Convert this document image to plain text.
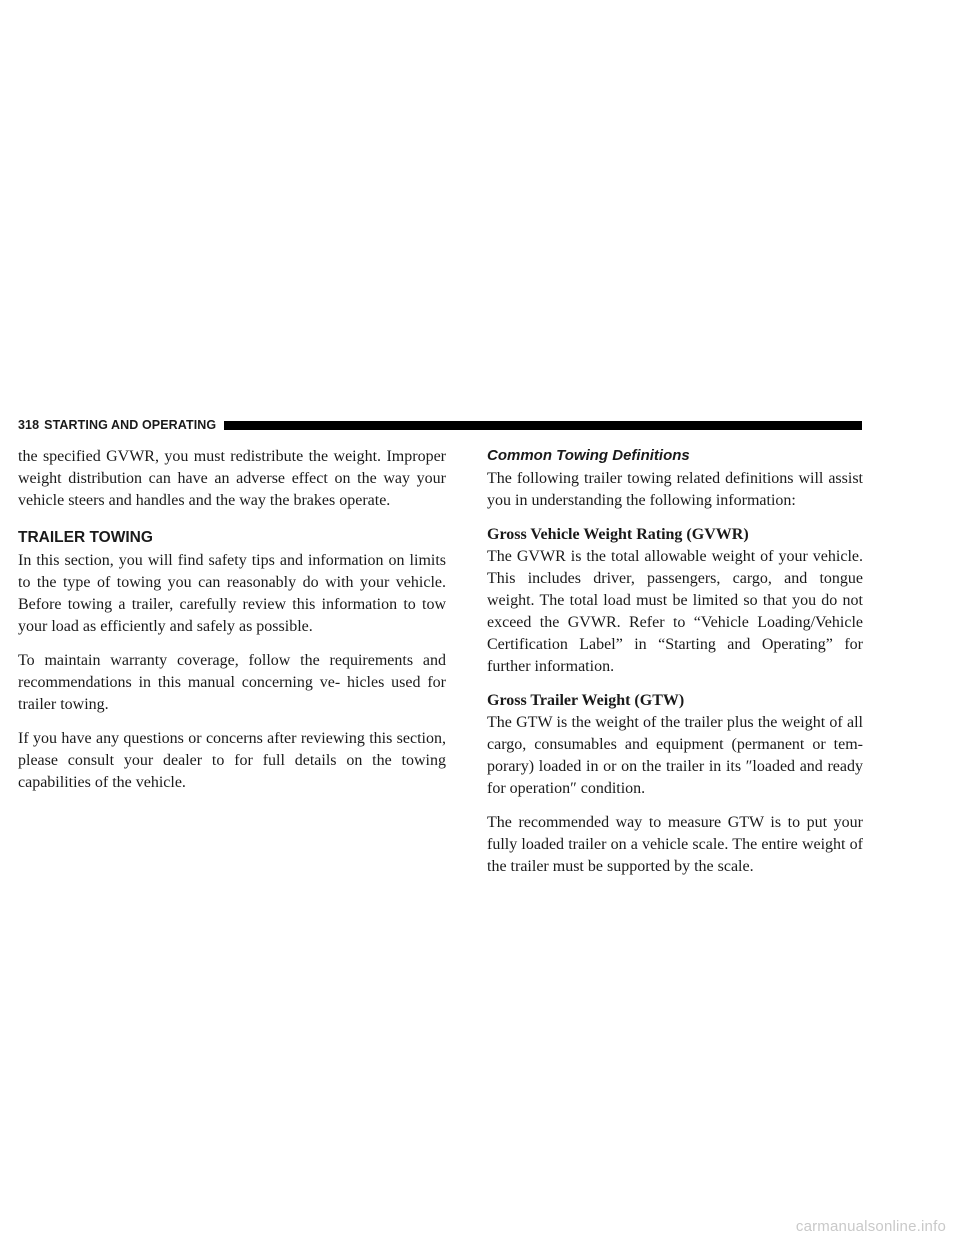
318 STARTING AND OPERATING

the specified GVWR, you must redistribute the weight. Improper weight distribution can have an adverse effect on the way your vehicle steers and handles and the way the brakes operate.

TRAILER TOWING

In this section, you will find safety tips and information on limits to the type of towing you can reasonably do with your vehicle. Before towing a trailer, carefully review this information to tow your load as efficiently and safely as possible.

To maintain warranty coverage, follow the requirements and recommendations in this manual concerning ve- hicles used for trailer towing.

If you have any questions or concerns after reviewing this section, please consult your dealer to for full details on the towing capabilities of the vehicle.

Common Towing Definitions

The following trailer towing related definitions will assist you in understanding the following information:

Gross Vehicle Weight Rating (GVWR)

The GVWR is the total allowable weight of your vehicle. This includes driver, passengers, cargo, and tongue weight. The total load must be limited so that you do not exceed the GVWR. Refer to “Vehicle Loading/Vehicle Certification Label” in “Starting and Operating” for further information.

Gross Trailer Weight (GTW)

The GTW is the weight of the trailer plus the weight of all cargo, consumables and equipment (permanent or tem- porary) loaded in or on the trailer in its ″loaded and ready for operation″ condition.

The recommended way to measure GTW is to put your fully loaded trailer on a vehicle scale. The entire weight of the trailer must be supported by the scale.

carmanualsonline.info
